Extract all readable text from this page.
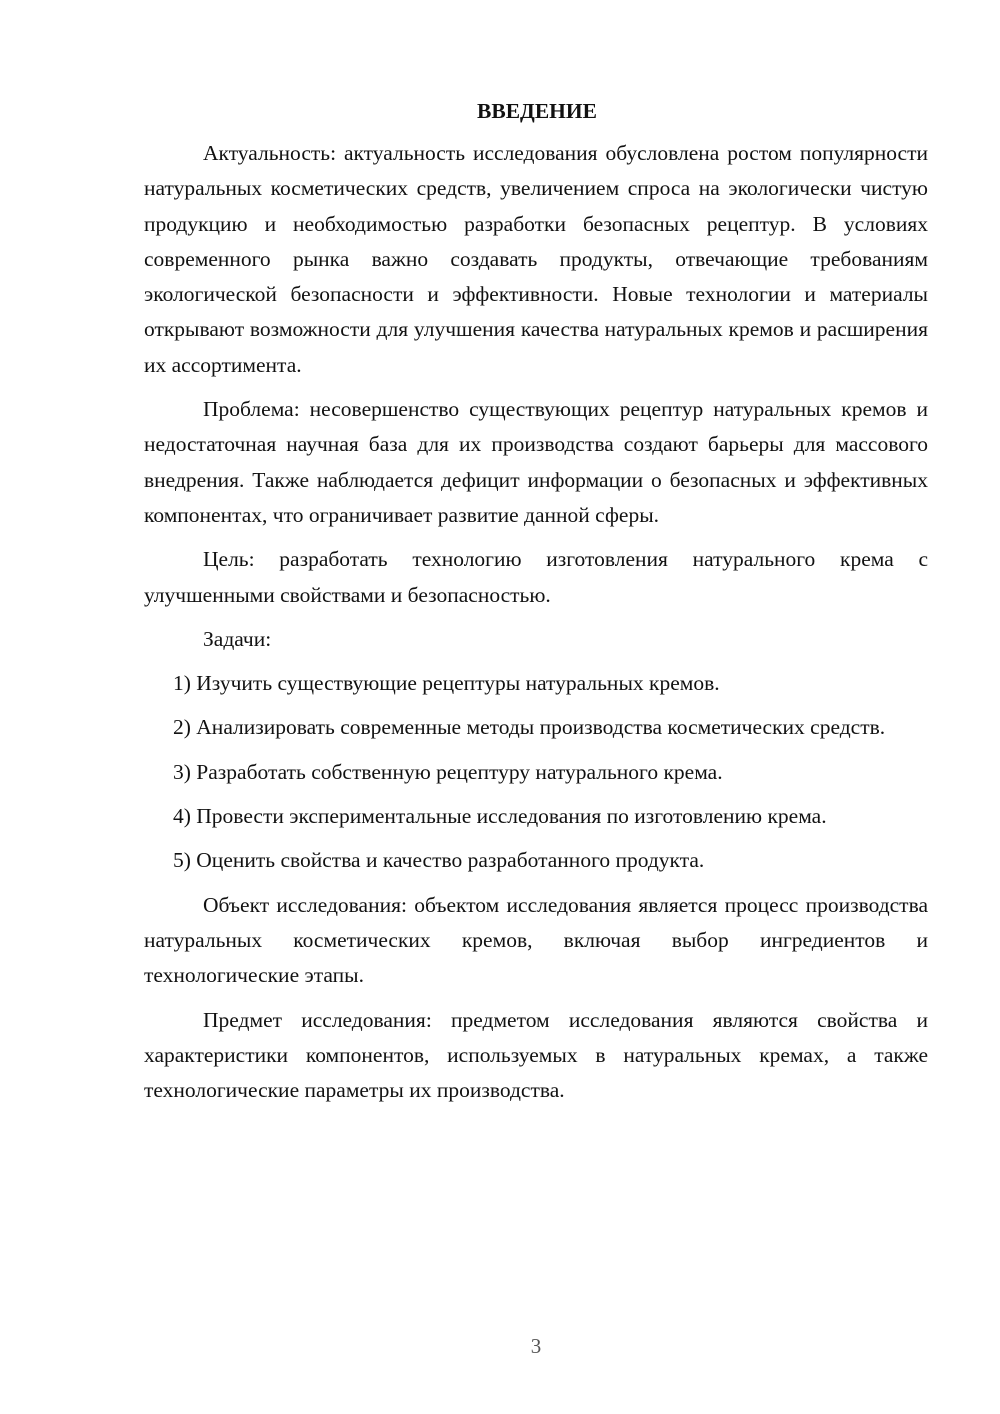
ВВЕДЕНИЕ

Актуальность: актуальность исследования обусловлена ростом популярности натуральных косметических средств, увеличением спроса на экологически чистую продукцию и необходимостью разработки безопасных рецептур. В условиях современного рынка важно создавать продукты, отвечающие требованиям экологической безопасности и эффективности. Новые технологии и материалы открывают возможности для улучшения качества натуральных кремов и расширения их ассортимента.

Проблема: несовершенство существующих рецептур натуральных кремов и недостаточная научная база для их производства создают барьеры для массового внедрения. Также наблюдается дефицит информации о безопасных и эффективных компонентах, что ограничивает развитие данной сферы.

Цель: разработать технологию изготовления натурального крема с улучшенными свойствами и безопасностью.

Задачи:

1) Изучить существующие рецептуры натуральных кремов.

2) Анализировать современные методы производства косметических средств.

3) Разработать собственную рецептуру натурального крема.

4) Провести экспериментальные исследования по изготовлению крема.

5) Оценить свойства и качество разработанного продукта.

Объект исследования: объектом исследования является процесс производства натуральных косметических кремов, включая выбор ингредиентов и технологические этапы.

Предмет исследования: предметом исследования являются свойства и характеристики компонентов, используемых в натуральных кремах, а также технологические параметры их производства.

3
